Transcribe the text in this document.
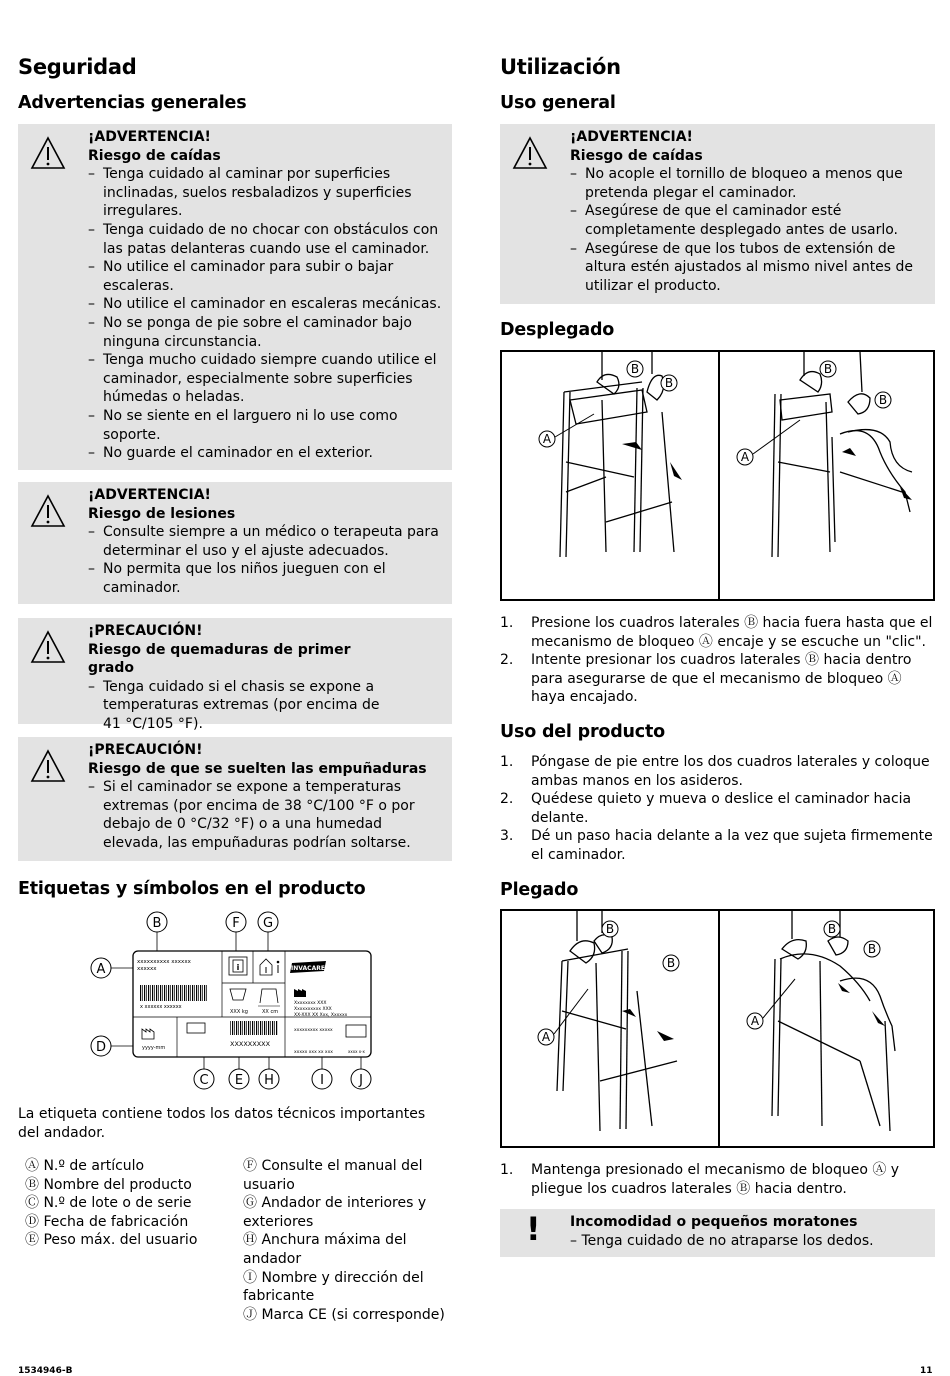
Seguridad
Advertencias generales
¡ADVERTENCIA!
Riesgo de caídas
– Tenga cuidado al caminar por superficies inclinadas, suelos resbaladizos y superficies irregulares.
– Tenga cuidado de no chocar con obstáculos con las patas delanteras cuando use el caminador.
– No utilice el caminador para subir o bajar escaleras.
– No utilice el caminador en escaleras mecánicas.
– No se ponga de pie sobre el caminador bajo ninguna circunstancia.
– Tenga mucho cuidado siempre cuando utilice el caminador, especialmente sobre superficies húmedas o heladas.
– No se siente en el larguero ni lo use como soporte.
– No guarde el caminador en el exterior.
¡ADVERTENCIA!
Riesgo de lesiones
– Consulte siempre a un médico o terapeuta para determinar el uso y el ajuste adecuados.
– No permita que los niños jueguen con el caminador.
¡PRECAUCIÓN!
Riesgo de quemaduras de primer grado
– Tenga cuidado si el chasis se expone a temperaturas extremas (por encima de 41 °C/105 °F).
¡PRECAUCIÓN!
Riesgo de que se suelten las empuñaduras
– Si el caminador se expone a temperaturas extremas (por encima de 38 °C/100 °F o por debajo de 0 °C/32 °F) o a una humedad elevada, las empuñaduras podrían soltarse.
Etiquetas y símbolos en el producto
B	F G
A
D
C E H	I	J
xxxxxxxxxx xxxxxx
xxxxxx
x xxxxxx xxxxxx
i	INVACARE
XXX kg	XX cm
Xxxxxxxx XXX
Xxxxxxxxxx XXX
XX-XXX XX Xxx, Xxxxxx
yyyy-mm	XXXXXXXXX
xxxxxxxxx xxxxx
xxxxx xxx xx xxx	xxxx x-x

La etiqueta contiene todos los datos técnicos importantes del andador.

Ⓐ N.º de artículo
Ⓑ Nombre del producto
Ⓒ N.º de lote o de serie
Ⓓ Fecha de fabricación
Ⓔ Peso máx. del usuario
Ⓕ Consulte el manual del usuario
Ⓖ Andador de interiores y exteriores
Ⓗ Anchura máxima del andador
Ⓘ Nombre y dirección del fabricante
Ⓙ Marca CE (si corresponde)
Utilización
Uso general
¡ADVERTENCIA!
Riesgo de caídas
– No acople el tornillo de bloqueo a menos que pretenda plegar el caminador.
– Asegúrese de que el caminador esté completamente desplegado antes de usarlo.
– Asegúrese de que los tubos de extensión de altura estén ajustados al mismo nivel antes de utilizar el producto.
Desplegado
B
B
A
B
B
A
1. Presione los cuadros laterales Ⓑ hacia fuera hasta que el mecanismo de bloqueo Ⓐ encaje y se escuche un "clic".
2. Intente presionar los cuadros laterales Ⓑ hacia dentro para asegurarse de que el mecanismo de bloqueo Ⓐ haya encajado.
Uso del producto
1. Póngase de pie entre los dos cuadros laterales y coloque ambas manos en los asideros.
2. Quédese quieto y mueva o deslice el caminador hacia delante.
3. Dé un paso hacia delante a la vez que sujeta firmemente el caminador.
Plegado
B
B
A
B
B
A
1. Mantenga presionado el mecanismo de bloqueo Ⓐ y pliegue los cuadros laterales Ⓑ hacia dentro.
! Incomodidad o pequeños moratones
– Tenga cuidado de no atraparse los dedos.
1534946-B	11
